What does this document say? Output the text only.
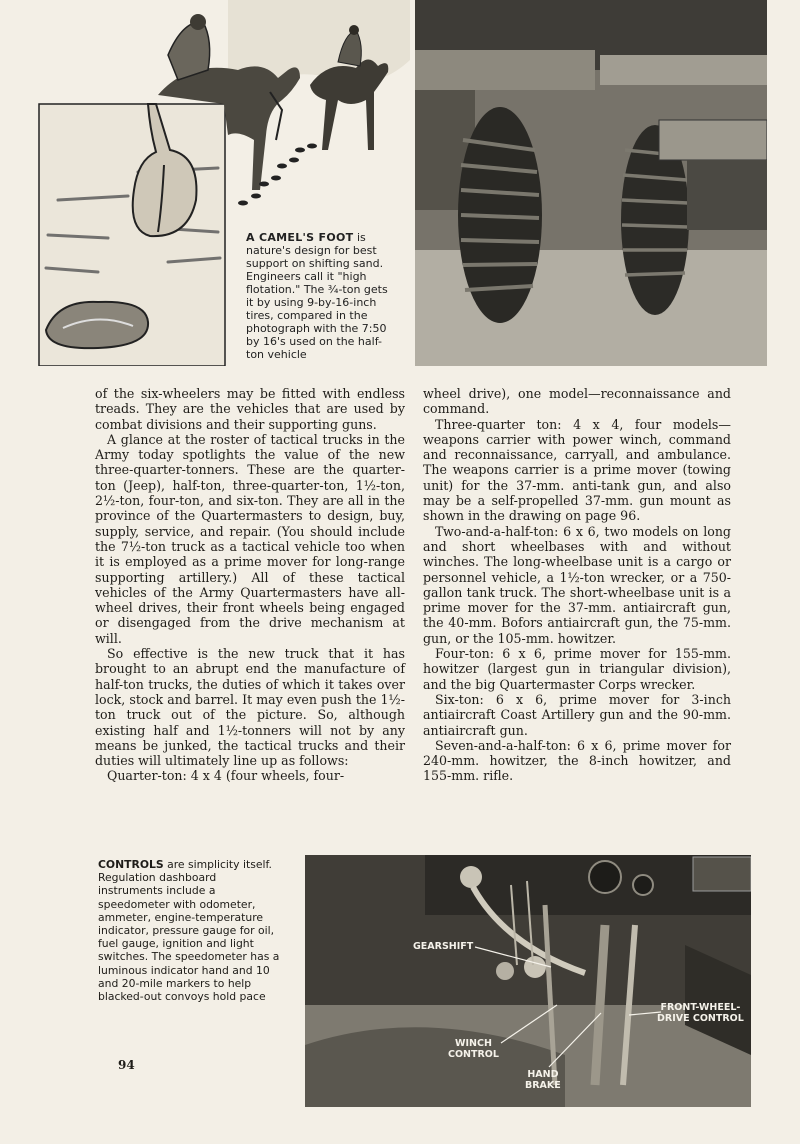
A CAMEL'S FOOT is nature's design for best support on shifting sand. Engineers call it "high flotation." The ¾-ton gets it by using 9-by-16-inch tires, compared in the photograph with the 7:50 by 16's used on the half-ton vehicle

of the six-wheelers may be fitted with endless treads. They are the vehicles that are used by combat divisions and their supporting guns.

A glance at the roster of tactical trucks in the Army today spotlights the value of the new three-quarter-tonners. These are the quarter-ton (Jeep), half-ton, three-quarter-ton, 1½-ton, 2½-ton, four-ton, and six-ton. They are all in the province of the Quartermasters to design, buy, supply, service, and repair. (You should include the 7½-ton truck as a tactical vehicle too when it is employed as a prime mover for long-range supporting artillery.) All of these tactical vehicles of the Army Quartermasters have all-wheel drives, their front wheels being engaged or disengaged from the drive mechanism at will.

So effective is the new truck that it has brought to an abrupt end the manufacture of half-ton trucks, the duties of which it takes over lock, stock and barrel. It may even push the 1½-ton truck out of the picture. So, although existing half and 1½-tonners will not by any means be junked, the tactical trucks and their duties will ultimately line up as follows:

Quarter-ton: 4 x 4 (four wheels, four-

wheel drive), one model—reconnaissance and command.

Three-quarter ton: 4 x 4, four models—weapons carrier with power winch, command and reconnaissance, carryall, and ambulance. The weapons carrier is a prime mover (towing unit) for the 37-mm. anti-tank gun, and also may be a self-propelled 37-mm. gun mount as shown in the drawing on page 96.

Two-and-a-half-ton: 6 x 6, two models on long and short wheelbases with and without winches. The long-wheelbase unit is a cargo or personnel vehicle, a 1½-ton wrecker, or a 750-gallon tank truck. The short-wheelbase unit is a prime mover for the 37-mm. antiaircraft gun, the 40-mm. Bofors antiaircraft gun, the 75-mm. gun, or the 105-mm. howitzer.

Four-ton: 6 x 6, prime mover for 155-mm. howitzer (largest gun in triangular division), and the big Quartermaster Corps wrecker.

Six-ton: 6 x 6, prime mover for 3-inch antiaircraft Coast Artillery gun and the 90-mm. antiaircraft gun.

Seven-and-a-half-ton: 6 x 6, prime mover for 240-mm. howitzer, the 8-inch howitzer, and 155-mm. rifle.

CONTROLS are simplicity itself. Regulation dashboard instruments include a speedometer with odometer, ammeter, engine-temperature indicator, pressure gauge for oil, fuel gauge, ignition and light switches. The speedometer has a luminous indicator hand and 10 and 20-mile markers to help blacked-out convoys hold pace
GEARSHIFT
FRONT-WHEEL-
DRIVE CONTROL
WINCH
CONTROL
HAND
BRAKE
94
